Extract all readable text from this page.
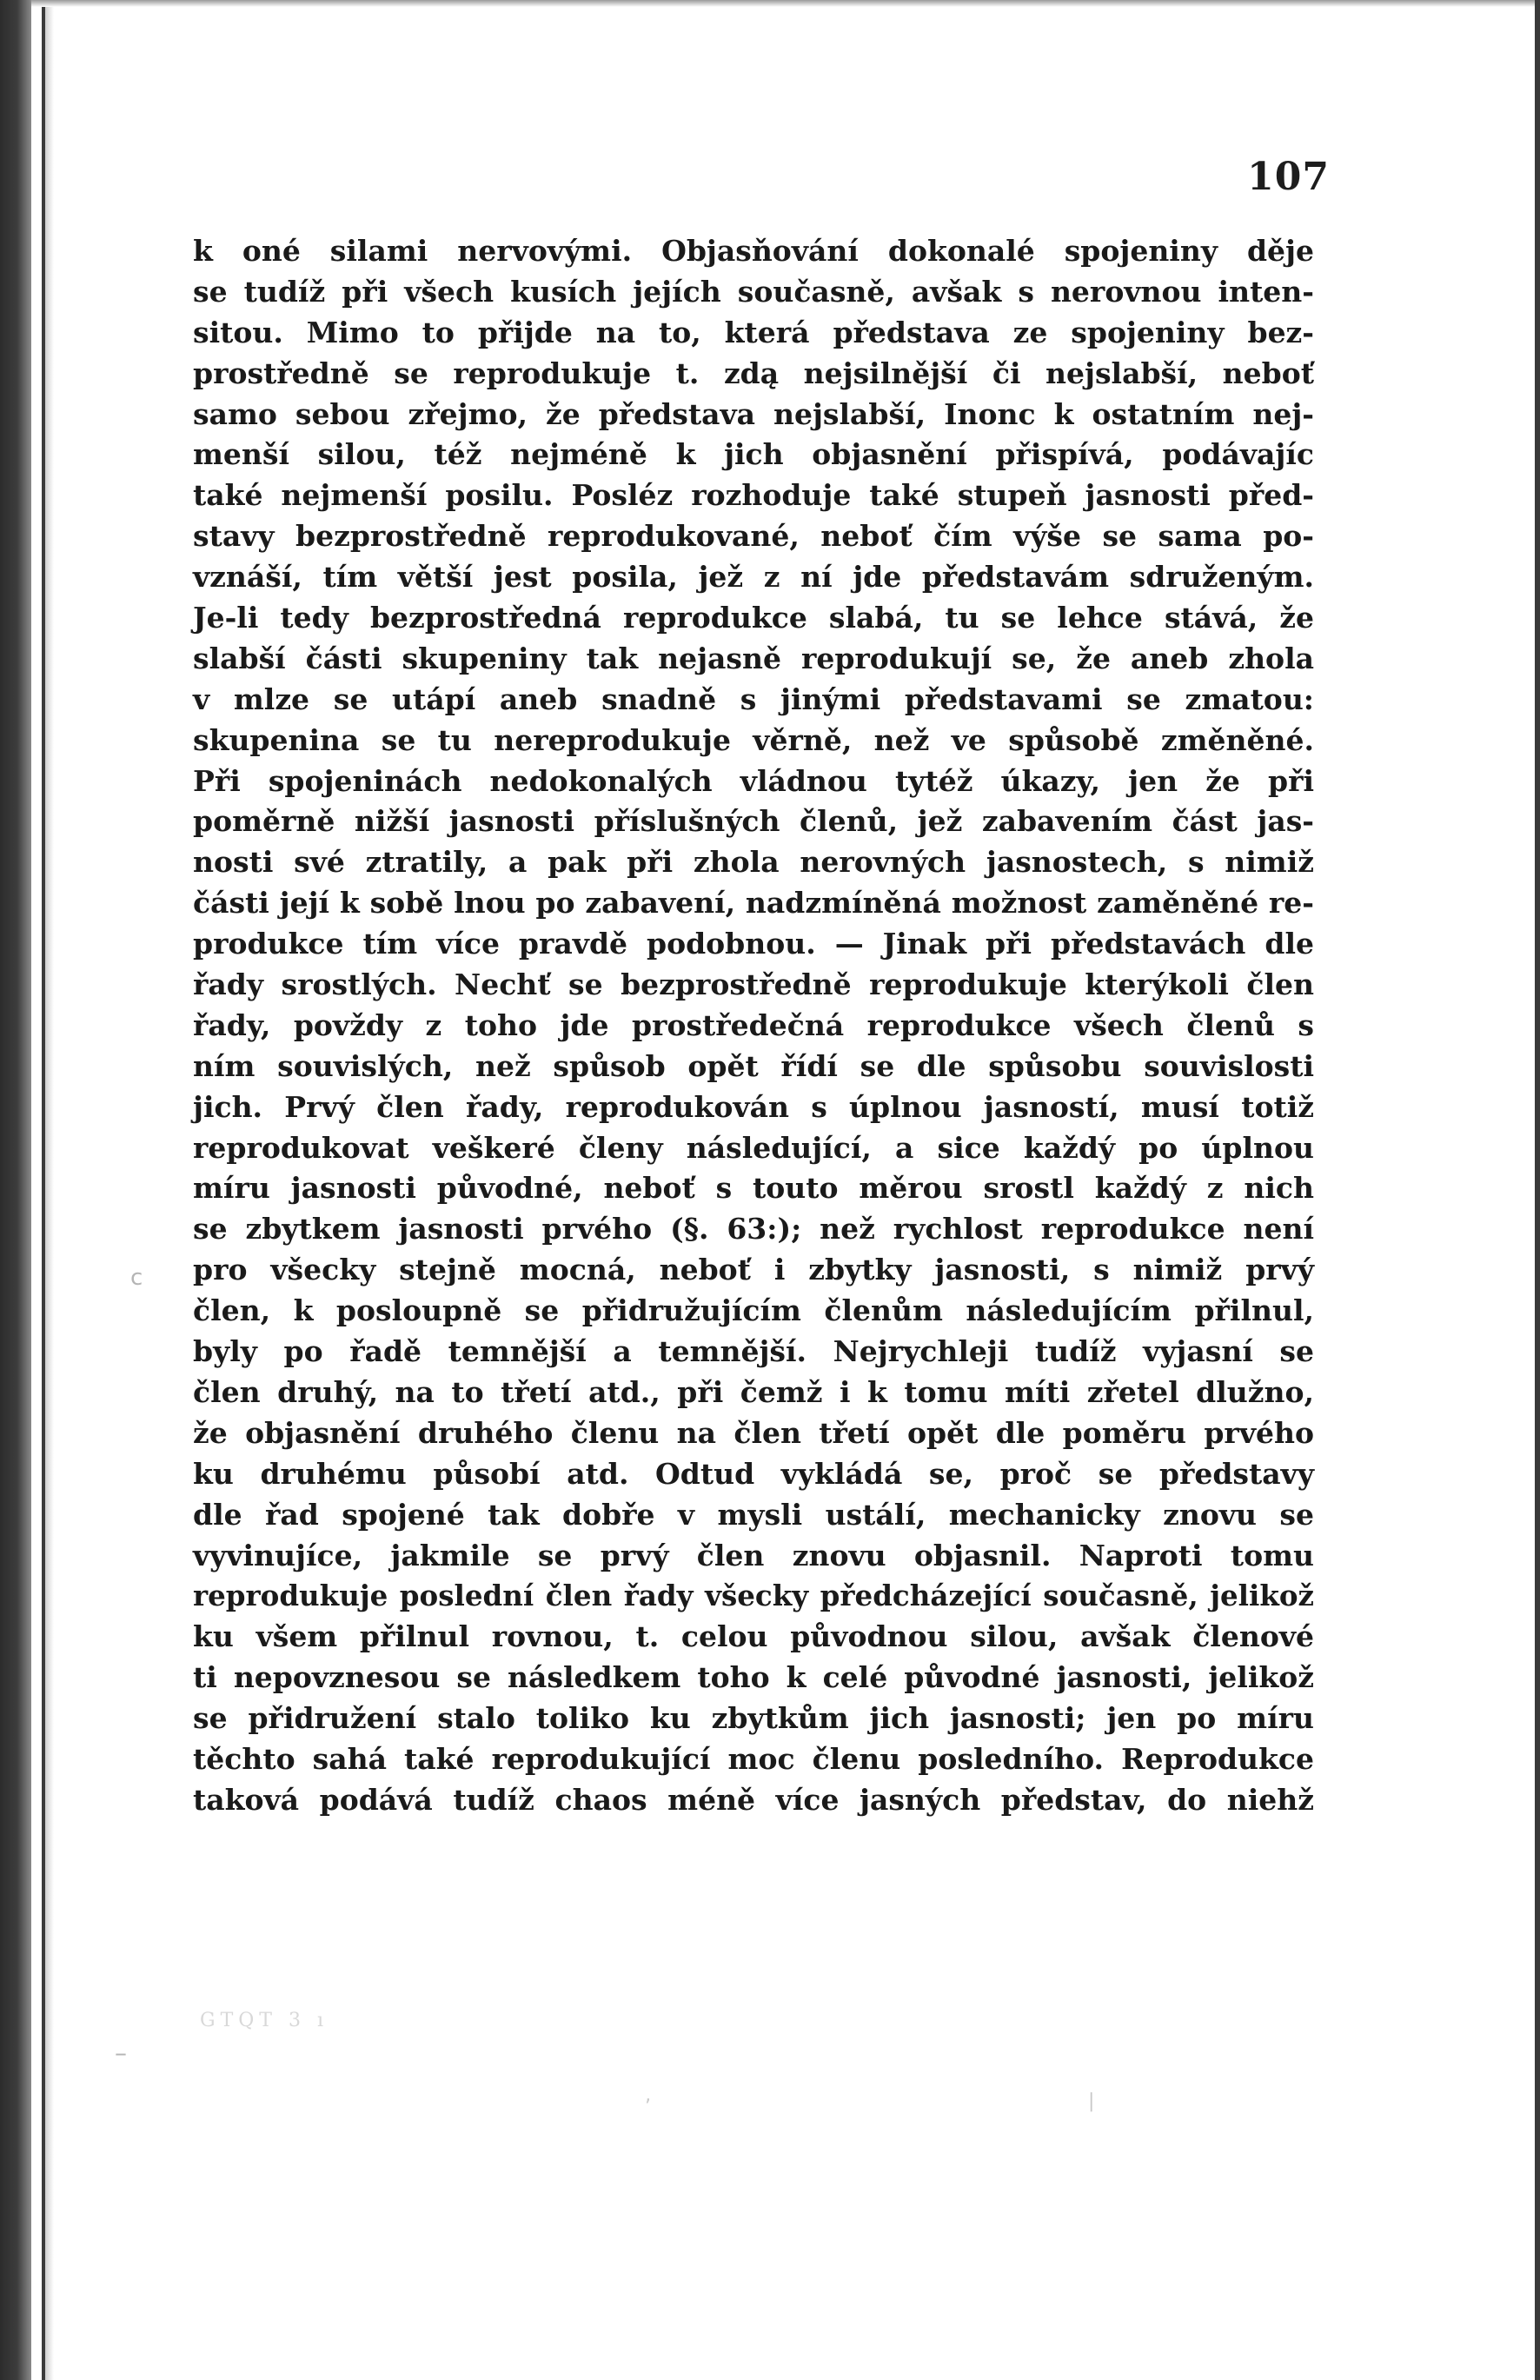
107
k oné silami nervovými. Objasňování dokonalé spojeniny děje
se tudíž při všech kusích jejích současně, avšak s nerovnou inten-
sitou. Mimo to přijde na to, která představa ze spojeniny bez-
prostředně se reprodukuje t. zdą nejsilnější či nejslabší, neboť
samo sebou zřejmo, že představa nejslabší, Inonc k ostatním nej-
menší silou, též nejméně k jich objasnění přispívá, podávajíc
také nejmenší posilu. Posléz rozhoduje také stupeň jasnosti před-
stavy bezprostředně reprodukované, neboť čím výše se sama po-
vznáší, tím větší jest posila, jež z ní jde představám sdruženým.
Je-li tedy bezprostředná reprodukce slabá, tu se lehce stává, že
slabší části skupeniny tak nejasně reprodukují se, že aneb zhola
v mlze se utápí aneb snadně s jinými představami se zmatou:
skupenina se tu nereprodukuje věrně, než ve spůsobě změněné.
Při spojeninách nedokonalých vládnou tytéž úkazy, jen že při
poměrně nižší jasnosti příslušných členů, jež zabavením část jas-
nosti své ztratily, a pak při zhola nerovných jasnostech, s nimiž
části její k sobě lnou po zabavení, nadzmíněná možnost zaměněné re-
produkce tím více pravdě podobnou. — Jinak při představách dle
řady srostlých. Nechť se bezprostředně reprodukuje kterýkoli člen
řady, povždy z toho jde prostředečná reprodukce všech členů s
ním souvislých, než spůsob opět řídí se dle spůsobu souvislosti
jich. Prvý člen řady, reprodukován s úplnou jasností, musí totiž
reprodukovat veškeré členy následující, a sice každý po úplnou
míru jasnosti původné, neboť s touto měrou srostl každý z nich
se zbytkem jasnosti prvého (§. 63:); než rychlost reprodukce není
pro všecky stejně mocná, neboť i zbytky jasnosti, s nimiž prvý
člen, k posloupně se přidružujícím členům následujícím přilnul,
byly po řadě temnější a temnější. Nejrychleji tudíž vyjasní se
člen druhý, na to třetí atd., při čemž i k tomu míti zřetel dlužno,
že objasnění druhého členu na člen třetí opět dle poměru prvého
ku druhému působí atd. Odtud vykládá se, proč se představy
dle řad spojené tak dobře v mysli ustálí, mechanicky znovu se
vyvinujíce, jakmile se prvý člen znovu objasnil. Naproti tomu
reprodukuje poslední člen řady všecky předcházející současně, jelikož
ku všem přilnul rovnou, t. celou původnou silou, avšak členové
ti nepovznesou se následkem toho k celé původné jasnosti, jelikož
se přidružení stalo toliko ku zbytkům jich jasnosti; jen po míru
těchto sahá také reprodukující moc členu posledního. Reprodukce
taková podává tudíž chaos méně více jasných představ, do niehž
GTQT 3 ı
–
c
‚	|
